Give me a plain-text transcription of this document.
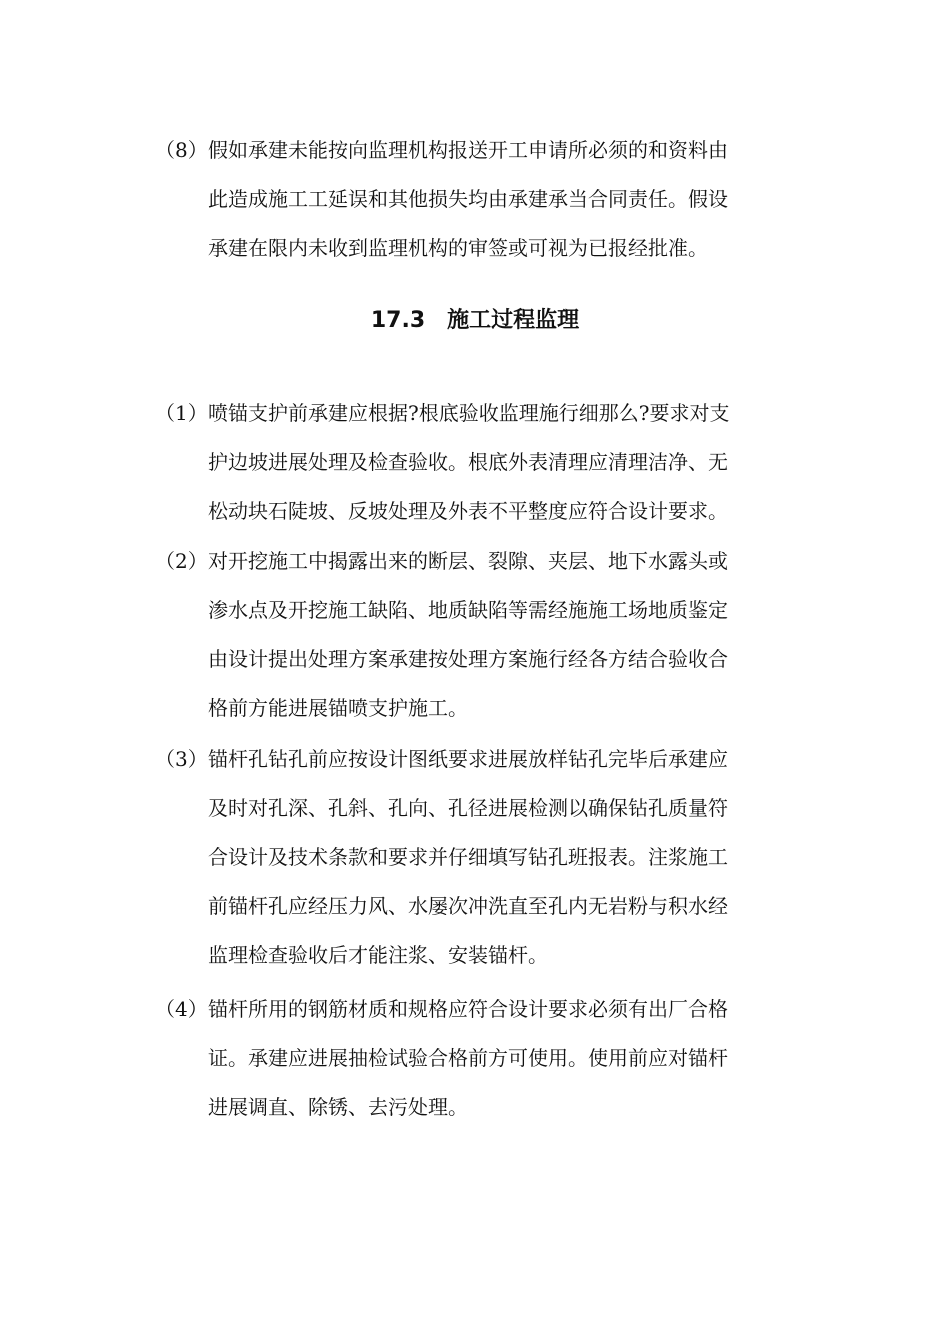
（8） 假如承建未能按向监理机构报送开工申请所必须的和资料由
此造成施工工延误和其他损失均由承建承当合同责任。假设
承建在限内未收到监理机构的审签或可视为已报经批准。
17.3　施工过程监理
（1） 喷锚支护前承建应根据?根底验收监理施行细那么?要求对支
护边坡进展处理及检查验收。根底外表清理应清理洁净、无
松动块石陡坡、反坡处理及外表不平整度应符合设计要求。
（2） 对开挖施工中揭露出来的断层、裂隙、夹层、地下水露头或
渗水点及开挖施工缺陷、地质缺陷等需经施施工场地质鉴定
由设计提出处理方案承建按处理方案施行经各方结合验收合
格前方能进展锚喷支护施工。
（3） 锚杆孔钻孔前应按设计图纸要求进展放样钻孔完毕后承建应
及时对孔深、孔斜、孔向、孔径进展检测以确保钻孔质量符
合设计及技术条款和要求并仔细填写钻孔班报表。注浆施工
前锚杆孔应经压力风、水屡次冲洗直至孔内无岩粉与积水经
监理检查验收后才能注浆、安装锚杆。
（4） 锚杆所用的钢筋材质和规格应符合设计要求必须有出厂合格
证。承建应进展抽检试验合格前方可使用。使用前应对锚杆
进展调直、除锈、去污处理。
